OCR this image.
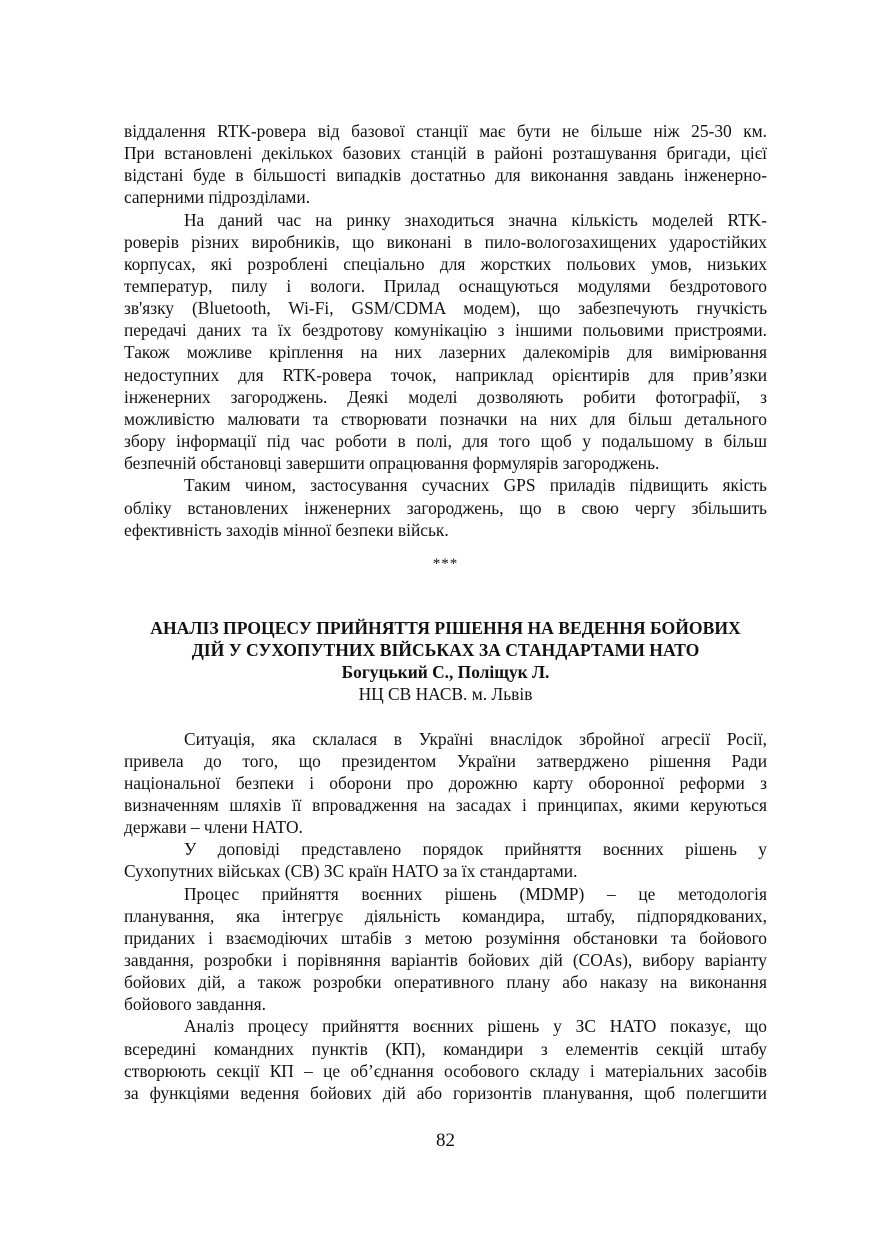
віддалення RTK-ровера від базової станції має бути не більше ніж 25-30 км.
При встановлені декількох базових станцій в районі розташування бригади, цієї
відстані буде в більшості випадків достатньо для виконання завдань інженерно-
саперними підрозділами.
На даний час на ринку знаходиться значна кількість моделей RTK-
роверів різних виробників, що виконані в пило-вологозахищених ударостійких
корпусах, які розроблені спеціально для жорстких польових умов, низьких
температур, пилу і вологи. Прилад оснащуються модулями бездротового
зв'язку (Bluetooth, Wi-Fi, GSM/CDMA модем), що забезпечують гнучкість
передачі даних та їх бездротову комунікацію з іншими польовими пристроями.
Також можливе кріплення на них лазерних далекомірів для вимірювання
недоступних для RTK-ровера точок, наприклад орієнтирів для прив’язки
інженерних загороджень. Деякі моделі дозволяють робити фотографії, з
можливістю малювати та створювати позначки на них для більш детального
збору інформації під час роботи в полі, для того щоб у подальшому в більш
безпечній обстановці завершити опрацювання формулярів загороджень.
Таким чином, застосування сучасних GPS приладів підвищить якість
обліку встановлених інженерних загороджень, що в свою чергу збільшить
ефективність заходів мінної безпеки військ.
***
АНАЛІЗ ПРОЦЕСУ ПРИЙНЯТТЯ РІШЕННЯ НА ВЕДЕННЯ БОЙОВИХ
ДІЙ У СУХОПУТНИХ ВІЙСЬКАХ ЗА СТАНДАРТАМИ НАТО
Богуцький С., Поліщук Л.
НЦ СВ НАСВ. м. Львів
Ситуація, яка склалася в Україні внаслідок збройної агресії Росії,
привела до того, що президентом України затверджено рішення Ради
національної безпеки і оборони про дорожню карту оборонної реформи з
визначенням шляхів її впровадження на засадах і принципах, якими керуються
держави – члени НАТО.
У доповіді представлено порядок прийняття воєнних рішень у
Сухопутних військах (СВ) ЗС країн НАТО за їх стандартами.
Процес прийняття воєнних рішень (MDMP) – це методологія
планування, яка інтегрує діяльність командира, штабу, підпорядкованих,
приданих і взаємодіючих штабів з метою розуміння обстановки та бойового
завдання, розробки і порівняння варіантів бойових дій (COAs), вибору варіанту
бойових дій, а також розробки оперативного плану або наказу на виконання
бойового завдання.
Аналіз процесу прийняття воєнних рішень у ЗС НАТО показує, що
всередині командних пунктів (КП), командири з елементів секцій штабу
створюють секції КП – це об’єднання особового складу і матеріальних засобів
за функціями ведення бойових дій або горизонтів планування, щоб полегшити
82
